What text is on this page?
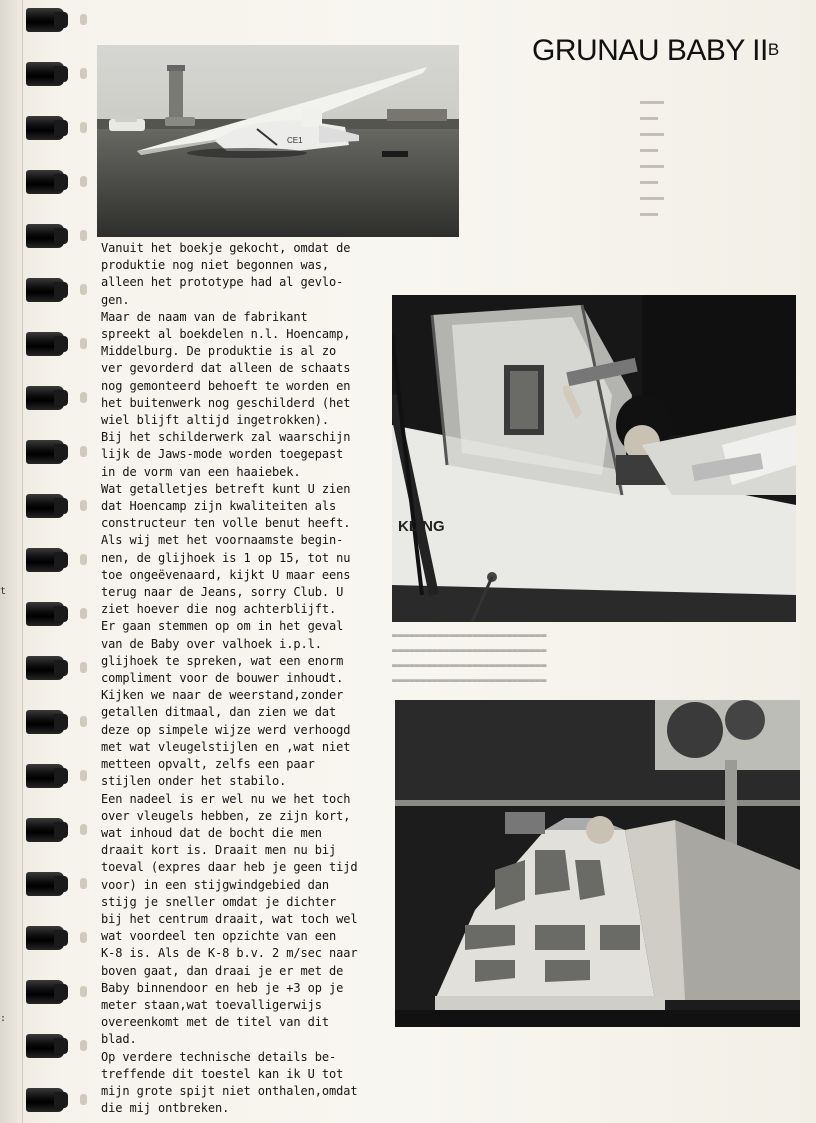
t
:
GRUNAU BABY $II^B$
▬▬▬▬
▬▬▬
▬▬▬▬
▬▬▬
▬▬▬▬
▬▬▬
▬▬▬▬
▬▬▬
CE1
KLING
Vanuit het boekje gekocht, omdat de
produktie nog niet begonnen was,
alleen het prototype had al gevlo-
gen.
Maar de naam van de fabrikant
spreekt al boekdelen n.l. Hoencamp,
Middelburg. De produktie is al zo
ver gevorderd dat alleen de schaats
nog gemonteerd behoeft te worden en
het buitenwerk nog geschilderd (het
wiel blijft altijd ingetrokken).
Bij het schilderwerk zal waarschijn
lijk de Jaws-mode worden toegepast
in de vorm van een haaiebek.
Wat getalletjes betreft kunt U zien
dat Hoencamp zijn kwaliteiten als
constructeur ten volle benut heeft.
Als wij met het voornaamste begin-
nen, de glijhoek is 1 op 15, tot nu
toe ongeëvenaard, kijkt U maar eens
terug naar de Jeans, sorry Club. U
ziet hoever die nog achterblijft.
Er gaan stemmen op om in het geval
van de Baby over valhoek i.p.l.
glijhoek te spreken, wat een enorm
compliment voor de bouwer inhoudt.
Kijken we naar de weerstand,zonder
getallen ditmaal, dan zien we dat
deze op simpele wijze werd verhoogd
met wat vleugelstijlen en ,wat niet
metteen opvalt, zelfs een paar
stijlen onder het stabilo.
Een nadeel is er wel nu we het toch
over vleugels hebben, ze zijn kort,
wat inhoud dat de bocht die men
draait kort is. Draait men nu bij
toeval (expres daar heb je geen tijd
voor) in een stijgwindgebied dan
stijg je sneller omdat je dichter
bij het centrum draait, wat toch wel
wat voordeel ten opzichte van een
K-8 is. Als de K-8 b.v. 2 m/sec naar
boven gaat, dan draai je er met de
Baby binnendoor en heb je +3 op je
meter staan,wat toevalligerwijs
overeenkomt met de titel van dit
blad.
Op verdere technische details be-
treffende dit toestel kan ik U tot
mijn grote spijt niet onthalen,omdat
die mij ontbreken.
▬▬▬▬▬▬▬▬▬▬▬▬▬▬▬▬▬▬▬▬▬▬▬▬▬▬▬
▬▬▬▬▬▬▬▬▬▬▬▬▬▬▬▬▬▬▬▬▬▬▬▬▬▬▬
▬▬▬▬▬▬▬▬▬▬▬▬▬▬▬▬▬▬▬▬▬▬▬▬▬▬▬
▬▬▬▬▬▬▬▬▬▬▬▬▬▬▬▬▬▬▬▬▬▬▬▬▬▬▬
